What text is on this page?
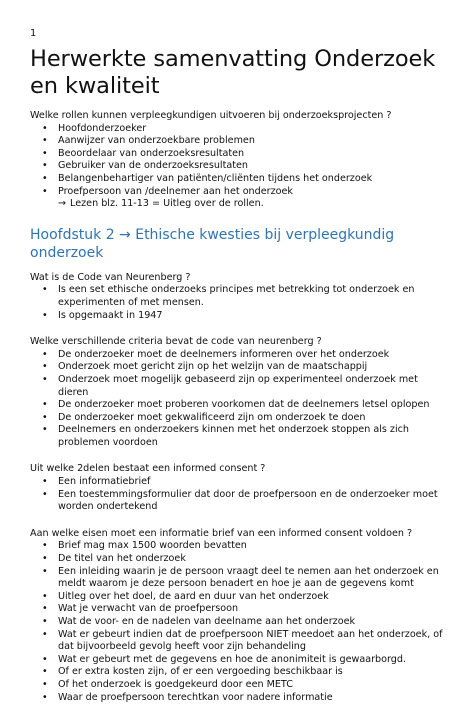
1
Herwerkte samenvatting Onderzoek en kwaliteit

Welke rollen kunnen verpleegkundigen uitvoeren bij onderzoeksprojecten ?

• Hoofdonderzoeker
• Aanwijzer van onderzoekbare problemen
• Beoordelaar van onderzoeksresultaten
• Gebruiker van de onderzoeksresultaten
• Belangenbehartiger van patiënten/cliënten tijdens het onderzoek
• Proefpersoon van /deelnemer aan het onderzoek

→ Lezen blz. 11-13 = Uitleg over de rollen.

Hoofdstuk 2 → Ethische kwesties bij verpleegkundig onderzoek

Wat is de Code van Neurenberg ?

• Is een set ethische onderzoeks principes met betrekking tot onderzoek en experimenten of met mensen.
• Is opgemaakt in 1947

Welke verschillende criteria bevat de code van neurenberg ?

• De onderzoeker moet de deelnemers informeren over het onderzoek
• Onderzoek moet gericht zijn op het welzijn van de maatschappij
• Onderzoek moet mogelijk gebaseerd zijn op experimenteel onderzoek met dieren
• De onderzoeker moet proberen voorkomen dat de deelnemers letsel oplopen
• De onderzoeker moet gekwalificeerd zijn om onderzoek te doen
• Deelnemers en onderzoekers kinnen met het onderzoek stoppen als zich problemen voordoen

Uit welke 2delen bestaat een informed consent ?

• Een informatiebrief
• Een toestemmingsformulier dat door de proefpersoon en de onderzoeker moet worden ondertekend

Aan welke eisen moet een informatie brief van een informed consent voldoen ?

• Brief mag max 1500 woorden bevatten
• De titel van het onderzoek
• Een inleiding waarin je de persoon vraagt deel te nemen aan het onderzoek en meldt waarom je deze persoon benadert en hoe je aan de gegevens komt
• Uitleg over het doel, de aard en duur van het onderzoek
• Wat je verwacht van de proefpersoon
• Wat de voor- en de nadelen van deelname aan het onderzoek
• Wat er gebeurt indien dat de proefpersoon NIET meedoet aan het onderzoek, of dat bijvoorbeeld gevolg heeft voor zijn behandeling
• Wat er gebeurt met de gegevens en hoe de anonimiteit is gewaarborgd.
• Of er extra kosten zijn, of er een vergoeding beschikbaar is
• Of het onderzoek is goedgekeurd door een METC
• Waar de proefpersoon terechtkan voor nadere informatie
